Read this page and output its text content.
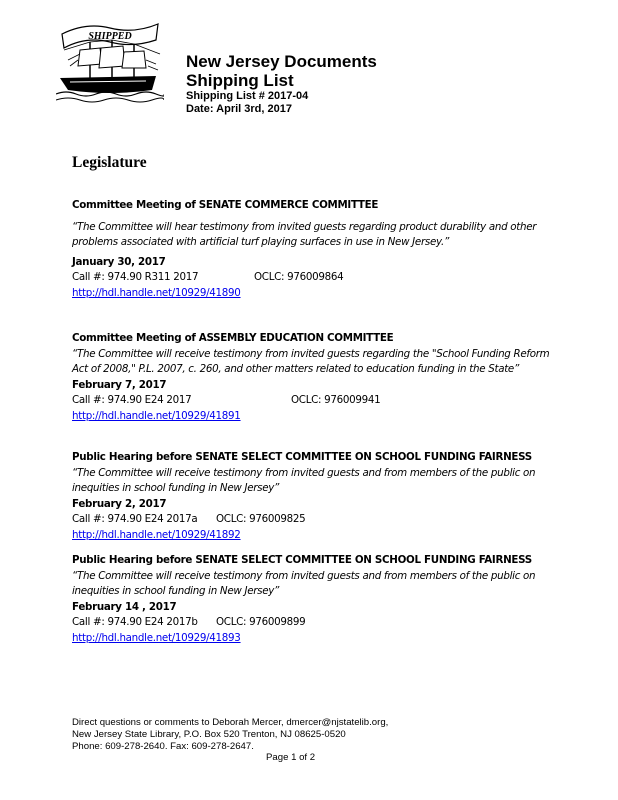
SHIPPED
New Jersey Documents
Shipping List
Shipping List # 2017-04
Date: April 3rd, 2017
Legislature
Committee Meeting of SENATE COMMERCE COMMITTEE
“The Committee will hear testimony from invited guests regarding product durability and other problems associated with artificial turf playing surfaces in use in New Jersey.”
January 30, 2017
Call #: 974.90 R311 2017	OCLC: 976009864
http://hdl.handle.net/10929/41890
Committee Meeting of ASSEMBLY EDUCATION COMMITTEE
“The Committee will receive testimony from invited guests regarding the "School Funding Reform Act of 2008," P.L. 2007, c. 260, and other matters related to education funding in the State”
February 7, 2017
Call #: 974.90 E24 2017	OCLC: 976009941
http://hdl.handle.net/10929/41891
Public Hearing before SENATE SELECT COMMITTEE ON SCHOOL FUNDING FAIRNESS
“The Committee will receive testimony from invited guests and from members of the public on inequities in school funding in New Jersey”
February 2, 2017
Call #: 974.90 E24 2017a OCLC: 976009825
http://hdl.handle.net/10929/41892
Public Hearing before SENATE SELECT COMMITTEE ON SCHOOL FUNDING FAIRNESS
“The Committee will receive testimony from invited guests and from members of the public on inequities in school funding in New Jersey”
February 14 , 2017
Call #: 974.90 E24 2017b OCLC: 976009899
http://hdl.handle.net/10929/41893
Direct questions or comments to Deborah Mercer, dmercer@njstatelib.org,
New Jersey State Library, P.O. Box 520 Trenton, NJ 08625-0520
Phone: 609-278-2640. Fax: 609-278-2647.
Page 1 of 2
